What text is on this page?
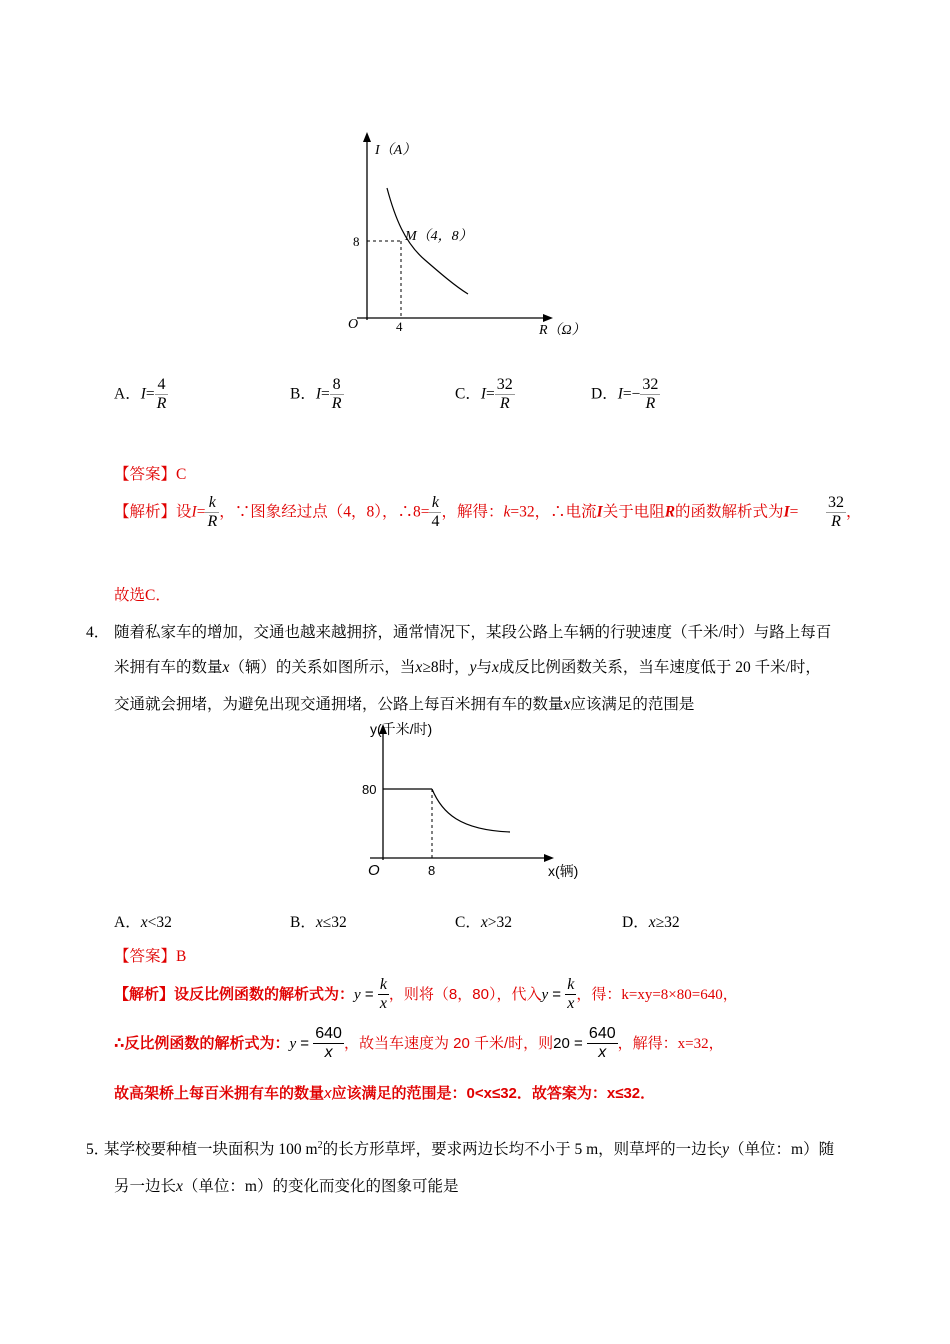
I（A）
R（Ω）
O
8
4
M（4，8）
A．$I= \frac{4}{R}$	B．$I= \frac{8}{R}$	C．$I= \frac{32}{R}$	D．$I=- \frac{32}{R}$
【答案】C
【解析】设$I= \frac{k}{R}$ ，∵图象经过点（4，8），∴8= $\frac{k}{4}$ ，解得：k=32，∴电流I关于电阻R的函数解析式为I=	$\frac{32}{R}$ ，
故选C．
4． 随着私家车的增加，交通也越来越拥挤，通常情况下，某段公路上车辆的行驶速度（千米/时）与路上每百
米拥有车的数量x（辆）的关系如图所示，当x≥8时，y与x成反比例函数关系，当车速度低于 20 千米/时，
交通就会拥堵，为避免出现交通拥堵，公路上每百米拥有车的数量x应该满足的范围是
y(千米/时)
x(辆)
O
80
8
A．x<32	B．x≤32	C．x>32	D．x≥32
【答案】B
【解析】设反比例函数的解析式为：$y = \frac{k}{x}$ ，则将（8，80），代入$y = \frac{k}{x}$ ，得：k=xy=8×80=640，
∴反比例函数的解析式为：$y = \frac{640}{x}$ ，故当车速度为 20 千米/时，则$20 = \frac{640}{x}$ ，解得：x=32，
故高架桥上每百米拥有车的数量x应该满足的范围是：0<x≤32．故答案为：x≤32．
5．
某学校要种植一块面积为 100 $m^2$的长方形草坪，要求两边长均不小于 5 m，则草坪的一边长y（单位：m）随
另一边长x（单位：m）的变化而变化的图象可能是
